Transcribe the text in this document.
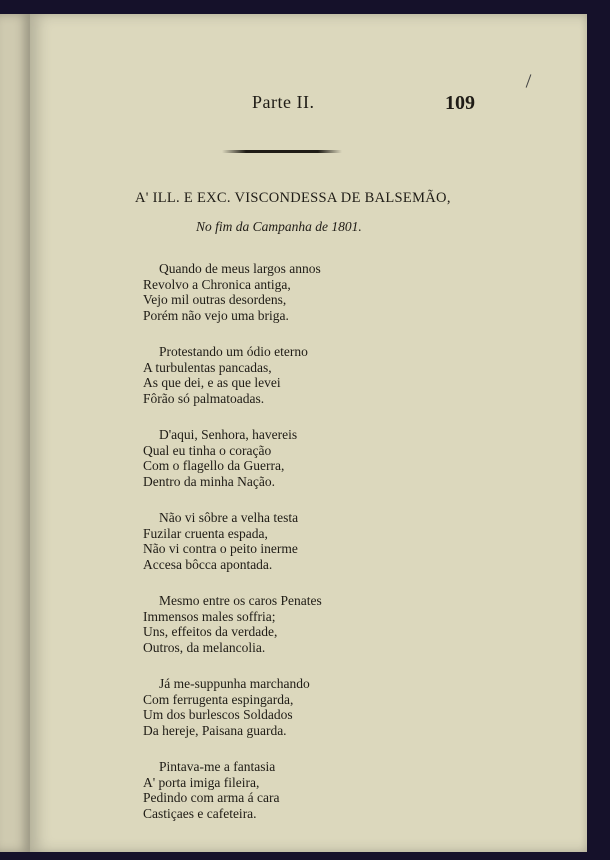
Parte II.	109
A' ILL. E EXC. VISCONDESSA DE BALSEMÃO,
No fim da Campanha de 1801.
Quando de meus largos annos
Revolvo a Chronica antiga,
Vejo mil outras desordens,
Porém não vejo uma briga.
Protestando um ódio eterno
A turbulentas pancadas,
As que dei, e as que levei
Fôrão só palmatoadas.
D'aqui, Senhora, havereis
Qual eu tinha o coração
Com o flagello da Guerra,
Dentro da minha Nação.
Não vi sôbre a velha testa
Fuzilar cruenta espada,
Não vi contra o peito inerme
Accesa bôcca apontada.
Mesmo entre os caros Penates
Immensos males soffria;
Uns, effeitos da verdade,
Outros, da melancolia.
Já me-suppunha marchando
Com ferrugenta espingarda,
Um dos burlescos Soldados
Da hereje, Paisana guarda.
Pintava-me a fantasia
A' porta imiga fileira,
Pedindo com arma á cara
Castiçaes e cafeteira.
